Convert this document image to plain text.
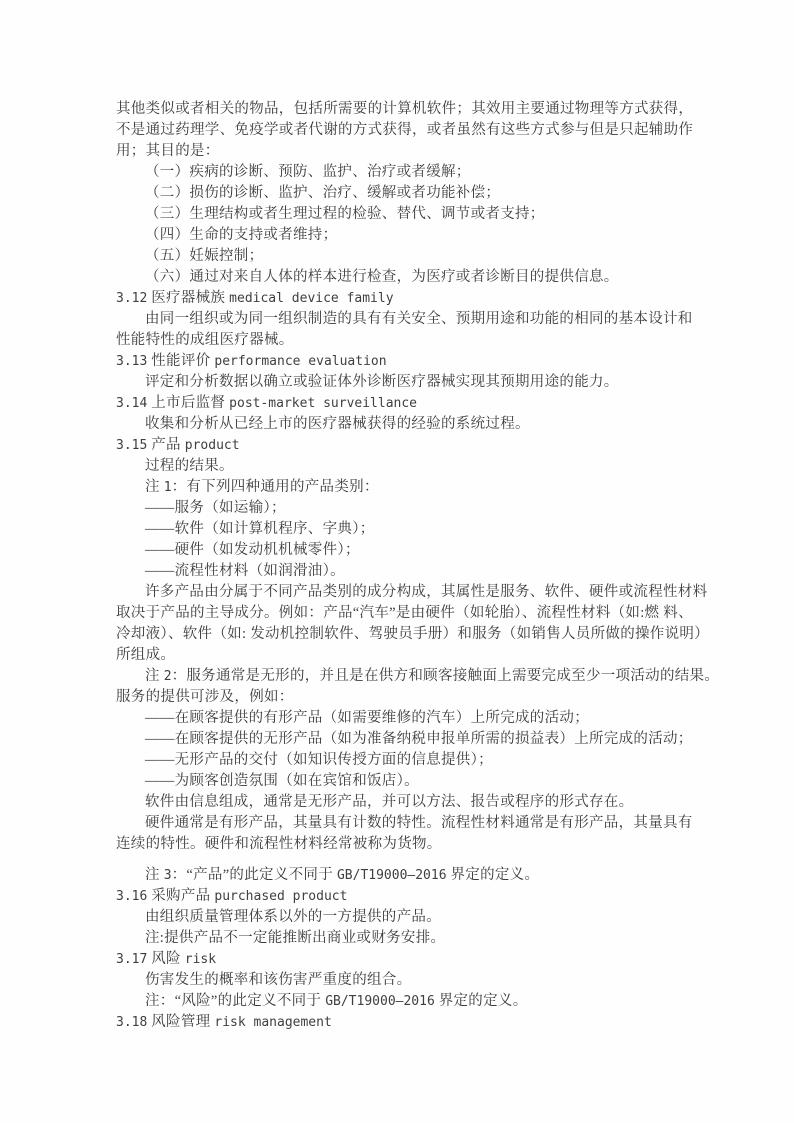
其他类似或者相关的物品，包括所需要的计算机软件；其效用主要通过物理等方式获得，
不是通过药理学、免疫学或者代谢的方式获得，或者虽然有这些方式参与但是只起辅助作
用；其目的是：
（一）疾病的诊断、预防、监护、治疗或者缓解；
（二）损伤的诊断、监护、治疗、缓解或者功能补偿；
（三）生理结构或者生理过程的检验、替代、调节或者支持；
（四）生命的支持或者维持；
（五）妊娠控制；
（六）通过对来自人体的样本进行检查，为医疗或者诊断目的提供信息。
3.12 医疗器械族 medical device family
由同一组织或为同一组织制造的具有有关安全、预期用途和功能的相同的基本设计和
性能特性的成组医疗器械。
3.13 性能评价 performance evaluation
评定和分析数据以确立或验证体外诊断医疗器械实现其预期用途的能力。
3.14 上市后监督 post-market surveillance
收集和分析从已经上市的医疗器械获得的经验的系统过程。
3.15 产品 product
过程的结果。
注 1：有下列四种通用的产品类别：
——服务（如运输）；
——软件（如计算机程序、字典）；
——硬件（如发动机机械零件）；
——流程性材料（如润滑油）。
许多产品由分属于不同产品类别的成分构成，其属性是服务、软件、硬件或流程性材料
取决于产品的主导成分。例如：产品“汽车”是由硬件（如轮胎）、流程性材料（如:燃 料、
冷却液）、软件（如: 发动机控制软件、驾驶员手册）和服务（如销售人员所做的操作说明）
所组成。
注 2：服务通常是无形的，并且是在供方和顾客接触面上需要完成至少一项活动的结果。
服务的提供可涉及，例如：
——在顾客提供的有形产品（如需要维修的汽车）上所完成的活动；
——在顾客提供的无形产品（如为准备纳税申报单所需的损益表）上所完成的活动；
——无形产品的交付（如知识传授方面的信息提供）；
——为顾客创造氛围（如在宾馆和饭店）。
软件由信息组成，通常是无形产品，并可以方法、报告或程序的形式存在。
硬件通常是有形产品，其量具有计数的特性。流程性材料通常是有形产品，其量具有
连续的特性。硬件和流程性材料经常被称为货物。
注 3：“产品”的此定义不同于 GB/T19000—2016 界定的定义。
3.16 采购产品 purchased product
由组织质量管理体系以外的一方提供的产品。
注:提供产品不一定能推断出商业或财务安排。
3.17 风险 risk
伤害发生的概率和该伤害严重度的组合。
注：“风险”的此定义不同于 GB/T19000—2016 界定的定义。
3.18 风险管理 risk management
